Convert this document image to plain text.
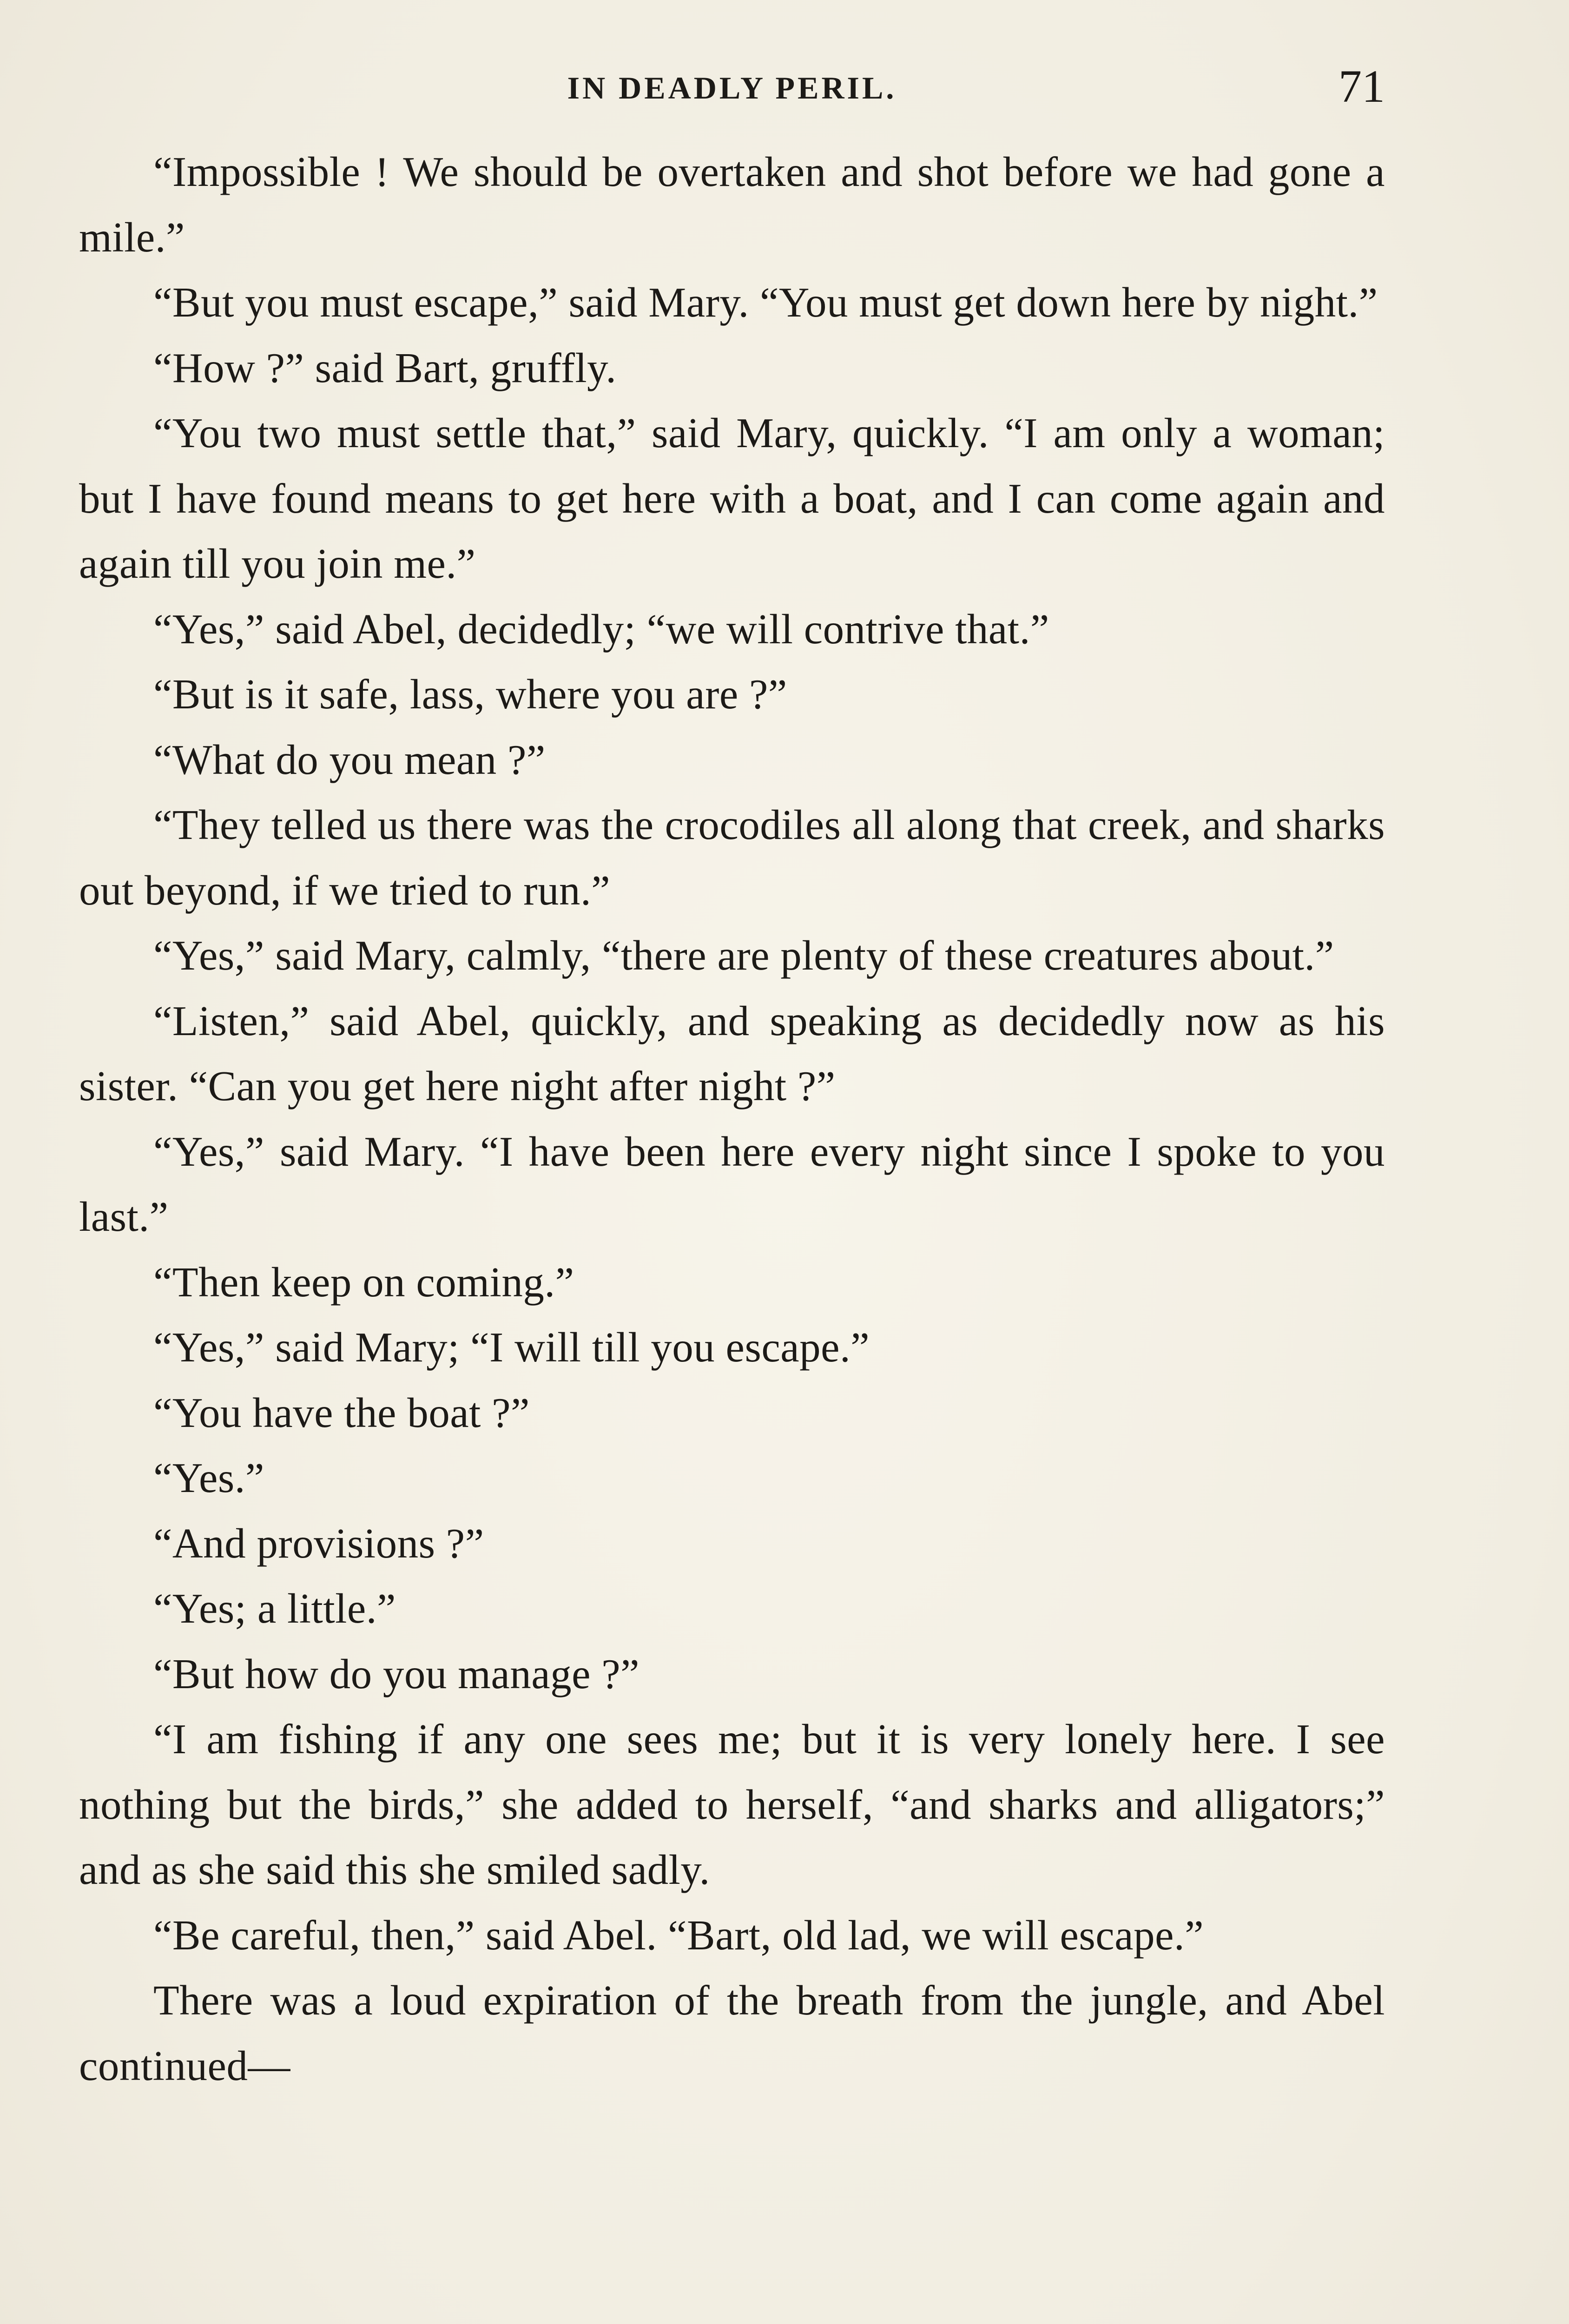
IN DEADLY PERIL.	71

“Impossible ! We should be overtaken and shot before we had gone a mile.”

“But you must escape,” said Mary. “You must get down here by night.”

“How ?” said Bart, gruffly.

“You two must settle that,” said Mary, quickly. “I am only a woman; but I have found means to get here with a boat, and I can come again and again till you join me.”

“Yes,” said Abel, decidedly; “we will contrive that.”

“But is it safe, lass, where you are ?”

“What do you mean ?”

“They telled us there was the crocodiles all along that creek, and sharks out beyond, if we tried to run.”

“Yes,” said Mary, calmly, “there are plenty of these creatures about.”

“Listen,” said Abel, quickly, and speaking as decidedly now as his sister. “Can you get here night after night ?”

“Yes,” said Mary. “I have been here every night since I spoke to you last.”

“Then keep on coming.”

“Yes,” said Mary; “I will till you escape.”

“You have the boat ?”

“Yes.”

“And provisions ?”

“Yes; a little.”

“But how do you manage ?”

“I am fishing if any one sees me; but it is very lonely here. I see nothing but the birds,” she added to herself, “and sharks and alligators;” and as she said this she smiled sadly.

“Be careful, then,” said Abel. “Bart, old lad, we will escape.”

There was a loud expiration of the breath from the jungle, and Abel continued—
